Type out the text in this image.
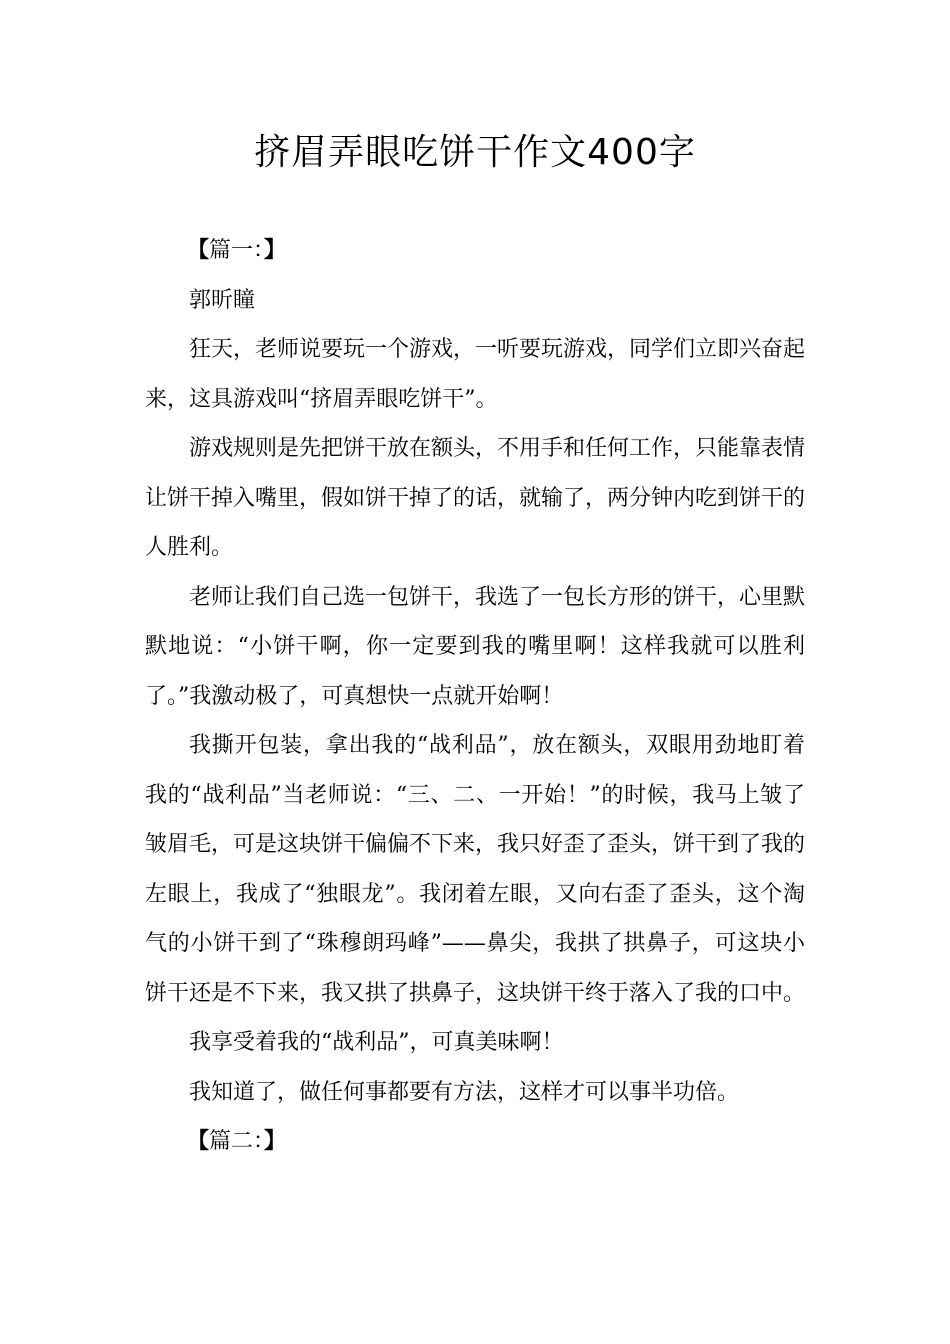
挤眉弄眼吃饼干作文400字

【篇一：】

郭昕瞳

狂天，老师说要玩一个游戏，一听要玩游戏，同学们立即兴奋起来，这具游戏叫“挤眉弄眼吃饼干”。

游戏规则是先把饼干放在额头，不用手和任何工作，只能靠表情让饼干掉入嘴里，假如饼干掉了的话，就输了，两分钟内吃到饼干的人胜利。

老师让我们自己选一包饼干，我选了一包长方形的饼干，心里默默地说：“小饼干啊，你一定要到我的嘴里啊！这样我就可以胜利了。”我激动极了，可真想快一点就开始啊！

我撕开包装，拿出我的“战利品”，放在额头，双眼用劲地盯着我的“战利品”当老师说：“三、二、一开始！”的时候，我马上皱了皱眉毛，可是这块饼干偏偏不下来，我只好歪了歪头，饼干到了我的左眼上，我成了“独眼龙”。我闭着左眼，又向右歪了歪头，这个淘气的小饼干到了“珠穆朗玛峰”——鼻尖，我拱了拱鼻子，可这块小饼干还是不下来，我又拱了拱鼻子，这块饼干终于落入了我的口中。

我享受着我的“战利品”，可真美味啊！

我知道了，做任何事都要有方法，这样才可以事半功倍。

【篇二：】
